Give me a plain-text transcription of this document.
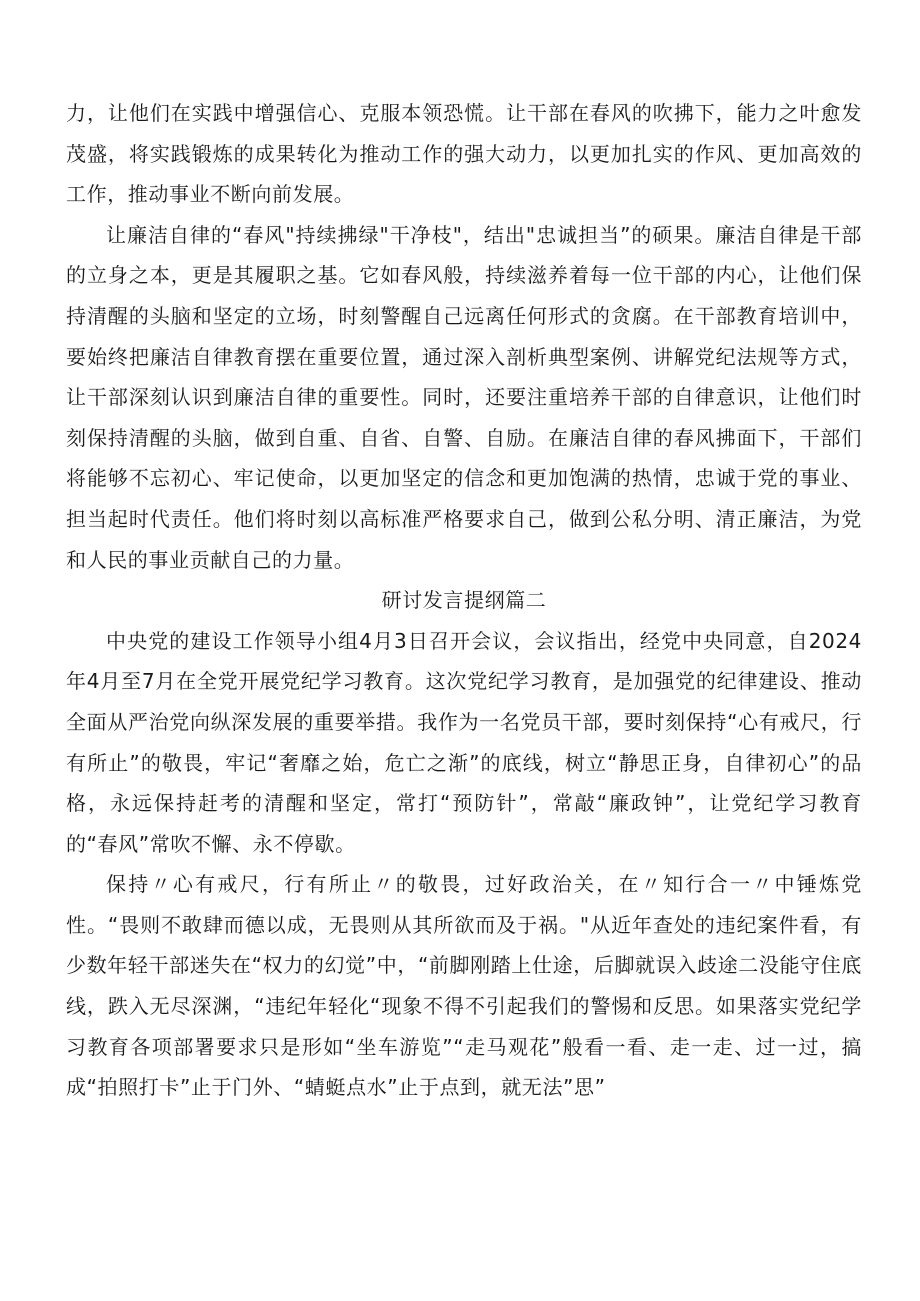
力，让他们在实践中增强信心、克服本领恐慌。让干部在春风的吹拂下，能力之叶愈发茂盛，将实践锻炼的成果转化为推动工作的强大动力，以更加扎实的作风、更加高效的工作，推动事业不断向前发展。

让廉洁自律的“春风"持续拂绿"干净枝"，结出"忠诚担当”的硕果。廉洁自律是干部的立身之本，更是其履职之基。它如春风般，持续滋养着每一位干部的内心，让他们保持清醒的头脑和坚定的立场，时刻警醒自己远离任何形式的贪腐。在干部教育培训中，要始终把廉洁自律教育摆在重要位置，通过深入剖析典型案例、讲解党纪法规等方式，让干部深刻认识到廉洁自律的重要性。同时，还要注重培养干部的自律意识，让他们时刻保持清醒的头脑，做到自重、自省、自警、自励。在廉洁自律的春风拂面下，干部们将能够不忘初心、牢记使命，以更加坚定的信念和更加饱满的热情，忠诚于党的事业、担当起时代责任。他们将时刻以高标准严格要求自己，做到公私分明、清正廉洁，为党和人民的事业贡献自己的力量。

研讨发言提纲篇二

中央党的建设工作领导小组4月3日召开会议，会议指出，经党中央同意，自2024年4月至7月在全党开展党纪学习教育。这次党纪学习教育，是加强党的纪律建设、推动全面从严治党向纵深发展的重要举措。我作为一名党员干部，要时刻保持“心有戒尺，行有所止”的敬畏，牢记“奢靡之始，危亡之渐”的底线，树立“静思正身，自律初心”的品格，永远保持赶考的清醒和坚定，常打“预防针”，常敲“廉政钟”，让党纪学习教育的“春风”常吹不懈、永不停歇。

保持〃心有戒尺，行有所止〃的敬畏，过好政治关，在〃知行合一〃中锤炼党性。“畏则不敢肆而德以成，无畏则从其所欲而及于祸。"从近年查处的违纪案件看，有少数年轻干部迷失在“权力的幻觉”中，“前脚刚踏上仕途，后脚就误入歧途二没能守住底线，跌入无尽深渊，“违纪年轻化“现象不得不引起我们的警惕和反思。如果落实党纪学习教育各项部署要求只是形如“坐车游览”“走马观花”般看一看、走一走、过一过，搞成“拍照打卡”止于门外、“蜻蜓点水”止于点到，就无法”思”
